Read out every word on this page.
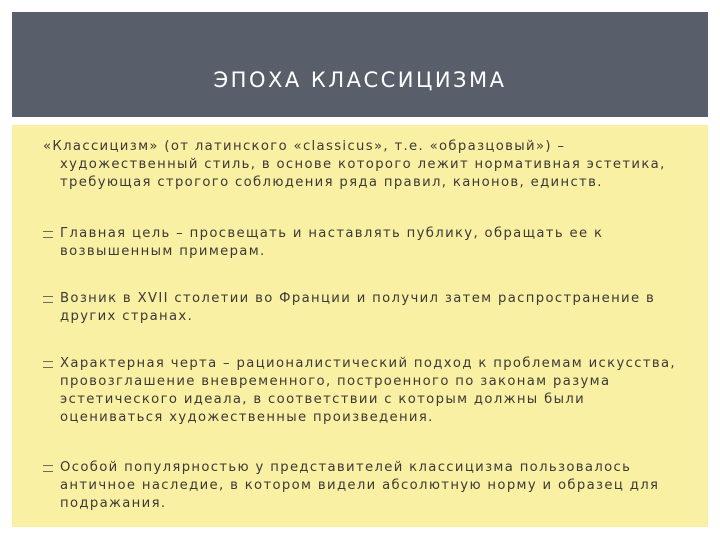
ЭПОХА КЛАССИЦИЗМА
«Классицизм» (от латинского «classicus», т.е. «образцовый») – художественный стиль, в основе которого лежит нормативная эстетика, требующая строгого соблюдения ряда правил, канонов, единств.
Главная цель – просвещать и наставлять публику, обращать ее к возвышенным примерам.
Возник в XVII столетии во Франции и получил затем распространение в других странах.
Характерная черта – рационалистический подход к проблемам искусства, провозглашение вневременного, построенного по законам разума эстетического идеала, в соответствии с которым должны были оцениваться художественные произведения.
Особой популярностью у представителей классицизма пользовалось античное наследие, в котором видели абсолютную норму и образец для подражания.
